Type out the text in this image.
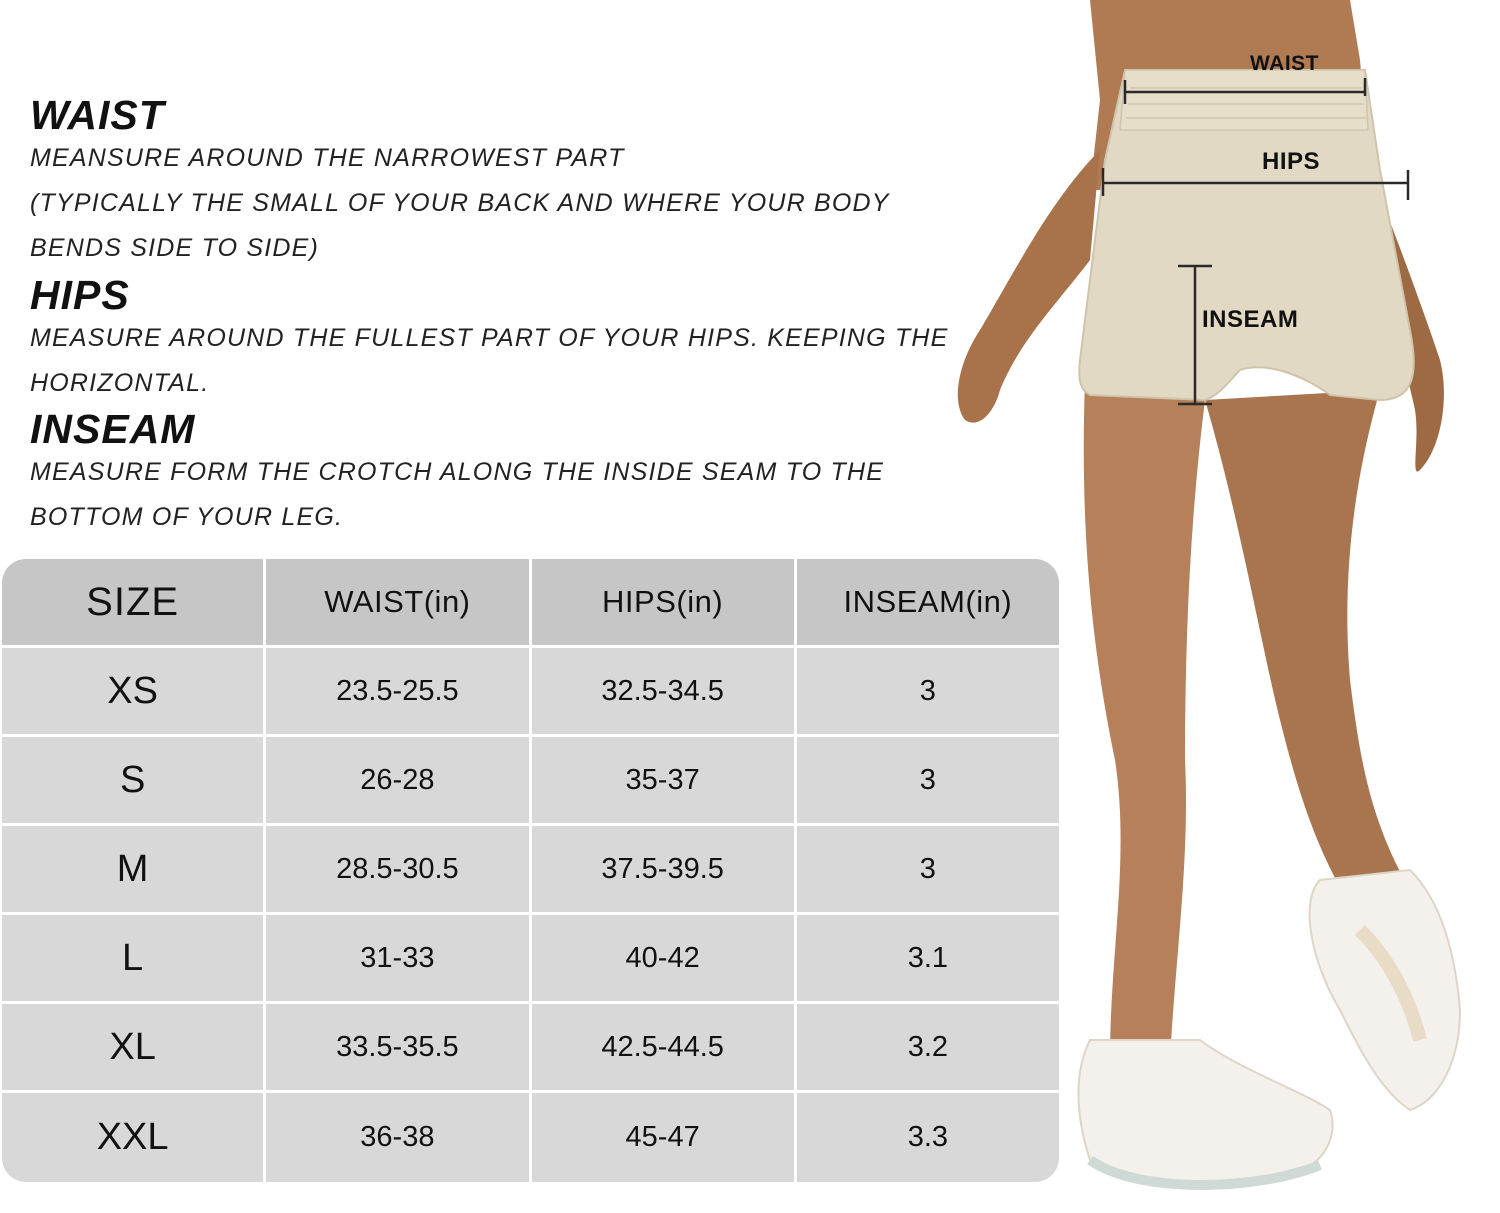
WAIST
MEANSURE AROUND THE NARROWEST PART
(TYPICALLY THE SMALL OF YOUR BACK AND WHERE YOUR BODY
BENDS SIDE TO SIDE)
HIPS
MEASURE AROUND THE FULLEST PART OF YOUR HIPS. KEEPING THE
HORIZONTAL.
INSEAM
MEASURE FORM THE CROTCH ALONG THE INSIDE SEAM TO THE
BOTTOM OF YOUR LEG.
SIZE	WAIST(in)	HIPS(in)	INSEAM(in)
XS	23.5-25.5	32.5-34.5	3
S	26-28	35-37	3
M	28.5-30.5	37.5-39.5	3
L	31-33	40-42	3.1
XL	33.5-35.5	42.5-44.5	3.2
XXL	36-38	45-47	3.3
WAIST
HIPS
INSEAM
